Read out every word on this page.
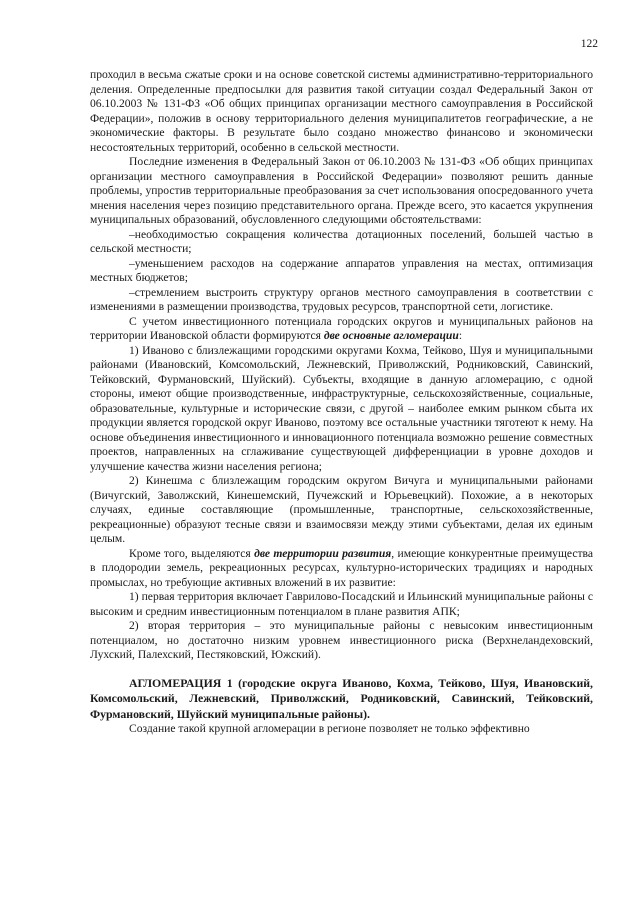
122

проходил в весьма сжатые сроки и на основе советской системы административно-территориального деления. Определенные предпосылки для развития такой ситуации создал Федеральный Закон от 06.10.2003 № 131-ФЗ «Об общих принципах организации местного самоуправления в Российской Федерации», положив в основу территориального деления муниципалитетов географические, а не экономические факторы. В результате было создано множество финансово и экономически несостоятельных территорий, особенно в сельской местности.

Последние изменения в Федеральный Закон от 06.10.2003 № 131-ФЗ «Об общих принципах организации местного самоуправления в Российской Федерации» позволяют решить данные проблемы, упростив территориальные преобразования за счет использования опосредованного учета мнения населения через позицию представительного органа. Прежде всего, это касается укрупнения муниципальных образований, обусловленного следующими обстоятельствами:

–необходимостью сокращения количества дотационных поселений, большей частью в сельской местности;

–уменьшением расходов на содержание аппаратов управления на местах, оптимизация местных бюджетов;

–стремлением выстроить структуру органов местного самоуправления в соответствии с изменениями в размещении производства, трудовых ресурсов, транспортной сети, логистике.

С учетом инвестиционного потенциала городских округов и муниципальных районов на территории Ивановской области формируются две основные агломерации:

1) Иваново с близлежащими городскими округами Кохма, Тейково, Шуя и муниципальными районами (Ивановский, Комсомольский, Лежневский, Приволжский, Родниковский, Савинский, Тейковский, Фурмановский, Шуйский). Субъекты, входящие в данную агломерацию, с одной стороны, имеют общие производственные, инфраструктурные, сельскохозяйственные, социальные, образовательные, культурные и исторические связи, с другой – наиболее емким рынком сбыта их продукции является городской округ Иваново, поэтому все остальные участники тяготеют к нему. На основе объединения инвестиционного и инновационного потенциала возможно решение совместных проектов, направленных на сглаживание существующей дифференциации в уровне доходов и улучшение качества жизни населения региона;

2) Кинешма с близлежащим городским округом Вичуга и муниципальными районами (Вичугский, Заволжский, Кинешемский, Пучежский и Юрьевецкий). Похожие, а в некоторых случаях, единые составляющие (промышленные, транспортные, сельскохозяйственные, рекреационные) образуют тесные связи и взаимосвязи между этими субъектами, делая их единым целым.

Кроме того, выделяются две территории развития, имеющие конкурентные преимущества в плодородии земель, рекреационных ресурсах, культурно-исторических традициях и народных промыслах, но требующие активных вложений в их развитие:

1) первая территория включает Гаврилово-Посадский и Ильинский муниципальные районы с высоким и средним инвестиционным потенциалом в плане развития АПК;

2) вторая территория – это муниципальные районы с невысоким инвестиционным потенциалом, но достаточно низким уровнем инвестиционного риска (Верхнеландеховский, Лухский, Палехский, Пестяковский, Южский).

АГЛОМЕРАЦИЯ 1 (городские округа Иваново, Кохма, Тейково, Шуя, Ивановский, Комсомольский, Лежневский, Приволжский, Родниковский, Савинский, Тейковский, Фурмановский, Шуйский муниципальные районы).

Создание такой крупной агломерации в регионе позволяет не только эффективно
